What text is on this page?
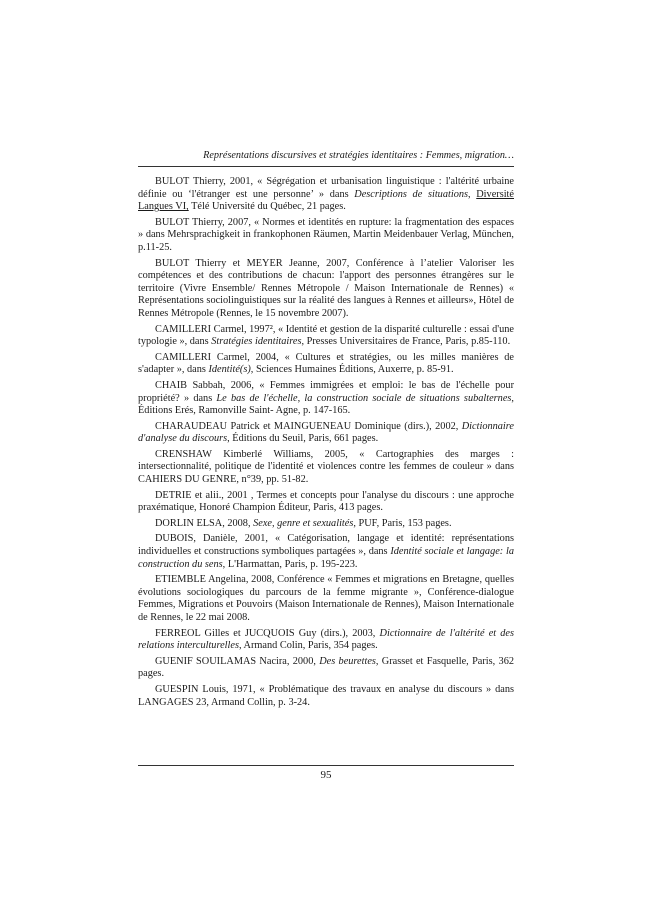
Représentations discursives et stratégies identitaires : Femmes, migration…

BULOT Thierry, 2001, « Ségrégation et urbanisation linguistique : l'altérité urbaine définie ou ‘l'étranger est une personne’ » dans Descriptions de situations, Diversité Langues VI, Télé Université du Québec, 21 pages.

BULOT Thierry, 2007, « Normes et identités en rupture: la fragmentation des espaces » dans Mehrsprachigkeit in frankophonen Räumen, Martin Meidenbauer Verlag, München, p.11-25.

BULOT Thierry et MEYER Jeanne, 2007, Conférence à l’atelier Valoriser les compétences et des contributions de chacun: l'apport des personnes étrangères sur le territoire (Vivre Ensemble/ Rennes Métropole / Maison Internationale de Rennes) « Représentations sociolinguistiques sur la réalité des langues à Rennes et ailleurs», Hôtel de Rennes Métropole (Rennes, le 15 novembre 2007).

CAMILLERI Carmel, 1997², « Identité et gestion de la disparité culturelle : essai d'une typologie », dans Stratégies identitaires, Presses Universitaires de France, Paris, p.85-110.

CAMILLERI Carmel, 2004, « Cultures et stratégies, ou les milles manières de s'adapter », dans Identité(s), Sciences Humaines Éditions, Auxerre, p. 85-91.

CHAIB Sabbah, 2006, « Femmes immigrées et emploi: le bas de l'échelle pour propriété? » dans Le bas de l'échelle, la construction sociale de situations subalternes, Éditions Erés, Ramonville Saint- Agne, p. 147-165.

CHARAUDEAU Patrick et MAINGUENEAU Dominique (dirs.), 2002, Dictionnaire d'analyse du discours, Éditions du Seuil, Paris, 661 pages.

CRENSHAW Kimberlé Williams, 2005, « Cartographies des marges : intersectionnalité, politique de l'identité et violences contre les femmes de couleur » dans CAHIERS DU GENRE, n°39, pp. 51-82.

DETRIE et alii., 2001 , Termes et concepts pour l'analyse du discours : une approche praxématique, Honoré Champion Éditeur, Paris, 413 pages.

DORLIN ELSA, 2008, Sexe, genre et sexualités, PUF, Paris, 153 pages.

DUBOIS, Danièle, 2001, « Catégorisation, langage et identité: représentations individuelles et constructions symboliques partagées », dans Identité sociale et langage: la construction du sens, L'Harmattan, Paris, p. 195-223.

ETIEMBLE Angelina, 2008, Conférence « Femmes et migrations en Bretagne, quelles évolutions sociologiques du parcours de la femme migrante », Conférence-dialogue Femmes, Migrations et Pouvoirs (Maison Internationale de Rennes), Maison Internationale de Rennes, le 22 mai 2008.

FERREOL Gilles et JUCQUOIS Guy (dirs.), 2003, Dictionnaire de l'altérité et des relations interculturelles, Armand Colin, Paris, 354 pages.

GUENIF SOUILAMAS Nacira, 2000, Des beurettes, Grasset et Fasquelle, Paris, 362 pages.

GUESPIN Louis, 1971, « Problématique des travaux en analyse du discours » dans LANGAGES 23, Armand Collin, p. 3-24.

95
